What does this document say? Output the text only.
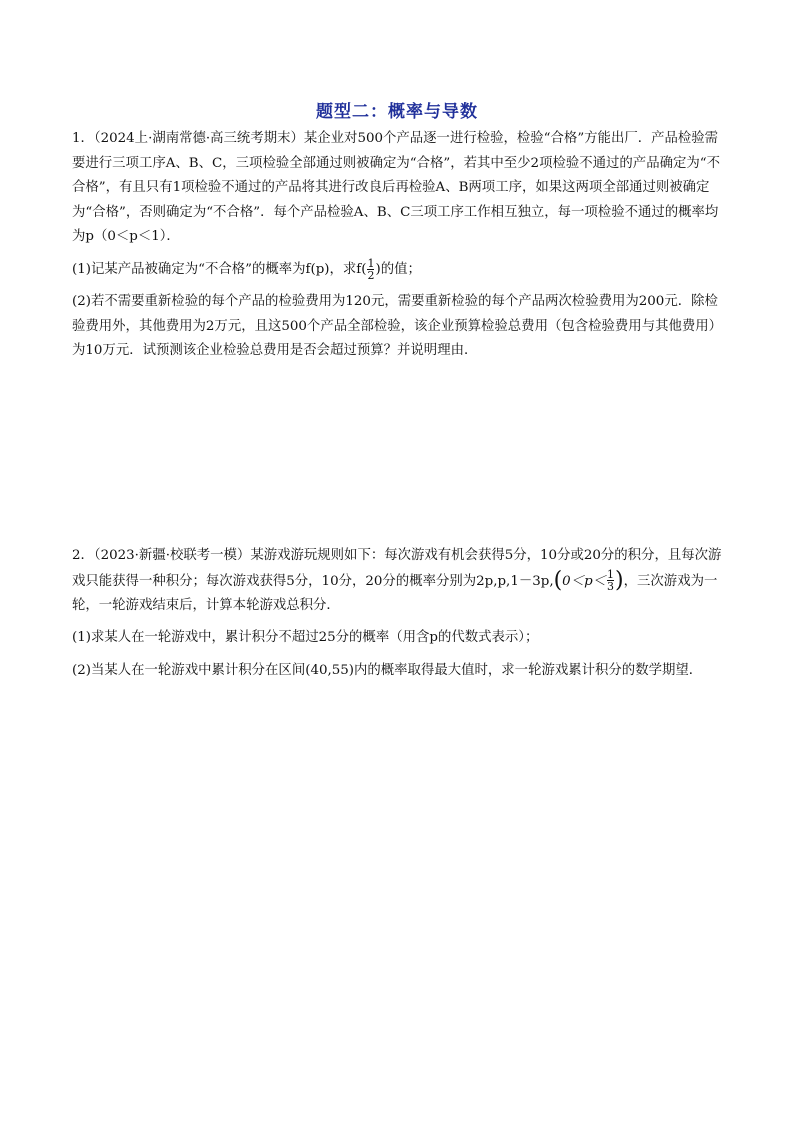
题型二：概率与导数

1．（2024上·湖南常德·高三统考期末）某企业对500个产品逐一进行检验，检验“合格”方能出厂．产品检验需要进行三项工序A、B、C，三项检验全部通过则被确定为“合格”，若其中至少2项检验不通过的产品确定为“不合格”，有且只有1项检验不通过的产品将其进行改良后再检验A、B两项工序，如果这两项全部通过则被确定为“合格”，否则确定为“不合格”．每个产品检验A、B、C三项工序工作相互独立，每一项检验不通过的概率均为p（0＜p＜1）．

(1)记某产品被确定为“不合格”的概率为f(p)，求$f( \frac{1}{2}$ )的值；

(2)若不需要重新检验的每个产品的检验费用为120元，需要重新检验的每个产品两次检验费用为200元．除检验费用外，其他费用为2万元，且这500个产品全部检验，该企业预算检验总费用（包含检验费用与其他费用）为10万元．试预测该企业检验总费用是否会超过预算？并说明理由．

2．（2023·新疆·校联考一模）某游戏游玩规则如下：每次游戏有机会获得5分，10分或20分的积分，且每次游戏只能获得一种积分；每次游戏获得5分，10分，20分的概率分别为$2p,p,1-3p,(0<p< \frac{1}{3}$ )，三次游戏为一轮，一轮游戏结束后，计算本轮游戏总积分．

(1)求某人在一轮游戏中，累计积分不超过25分的概率（用含p的代数式表示）；

(2)当某人在一轮游戏中累计积分在区间(40,55)内的概率取得最大值时，求一轮游戏累计积分的数学期望．
